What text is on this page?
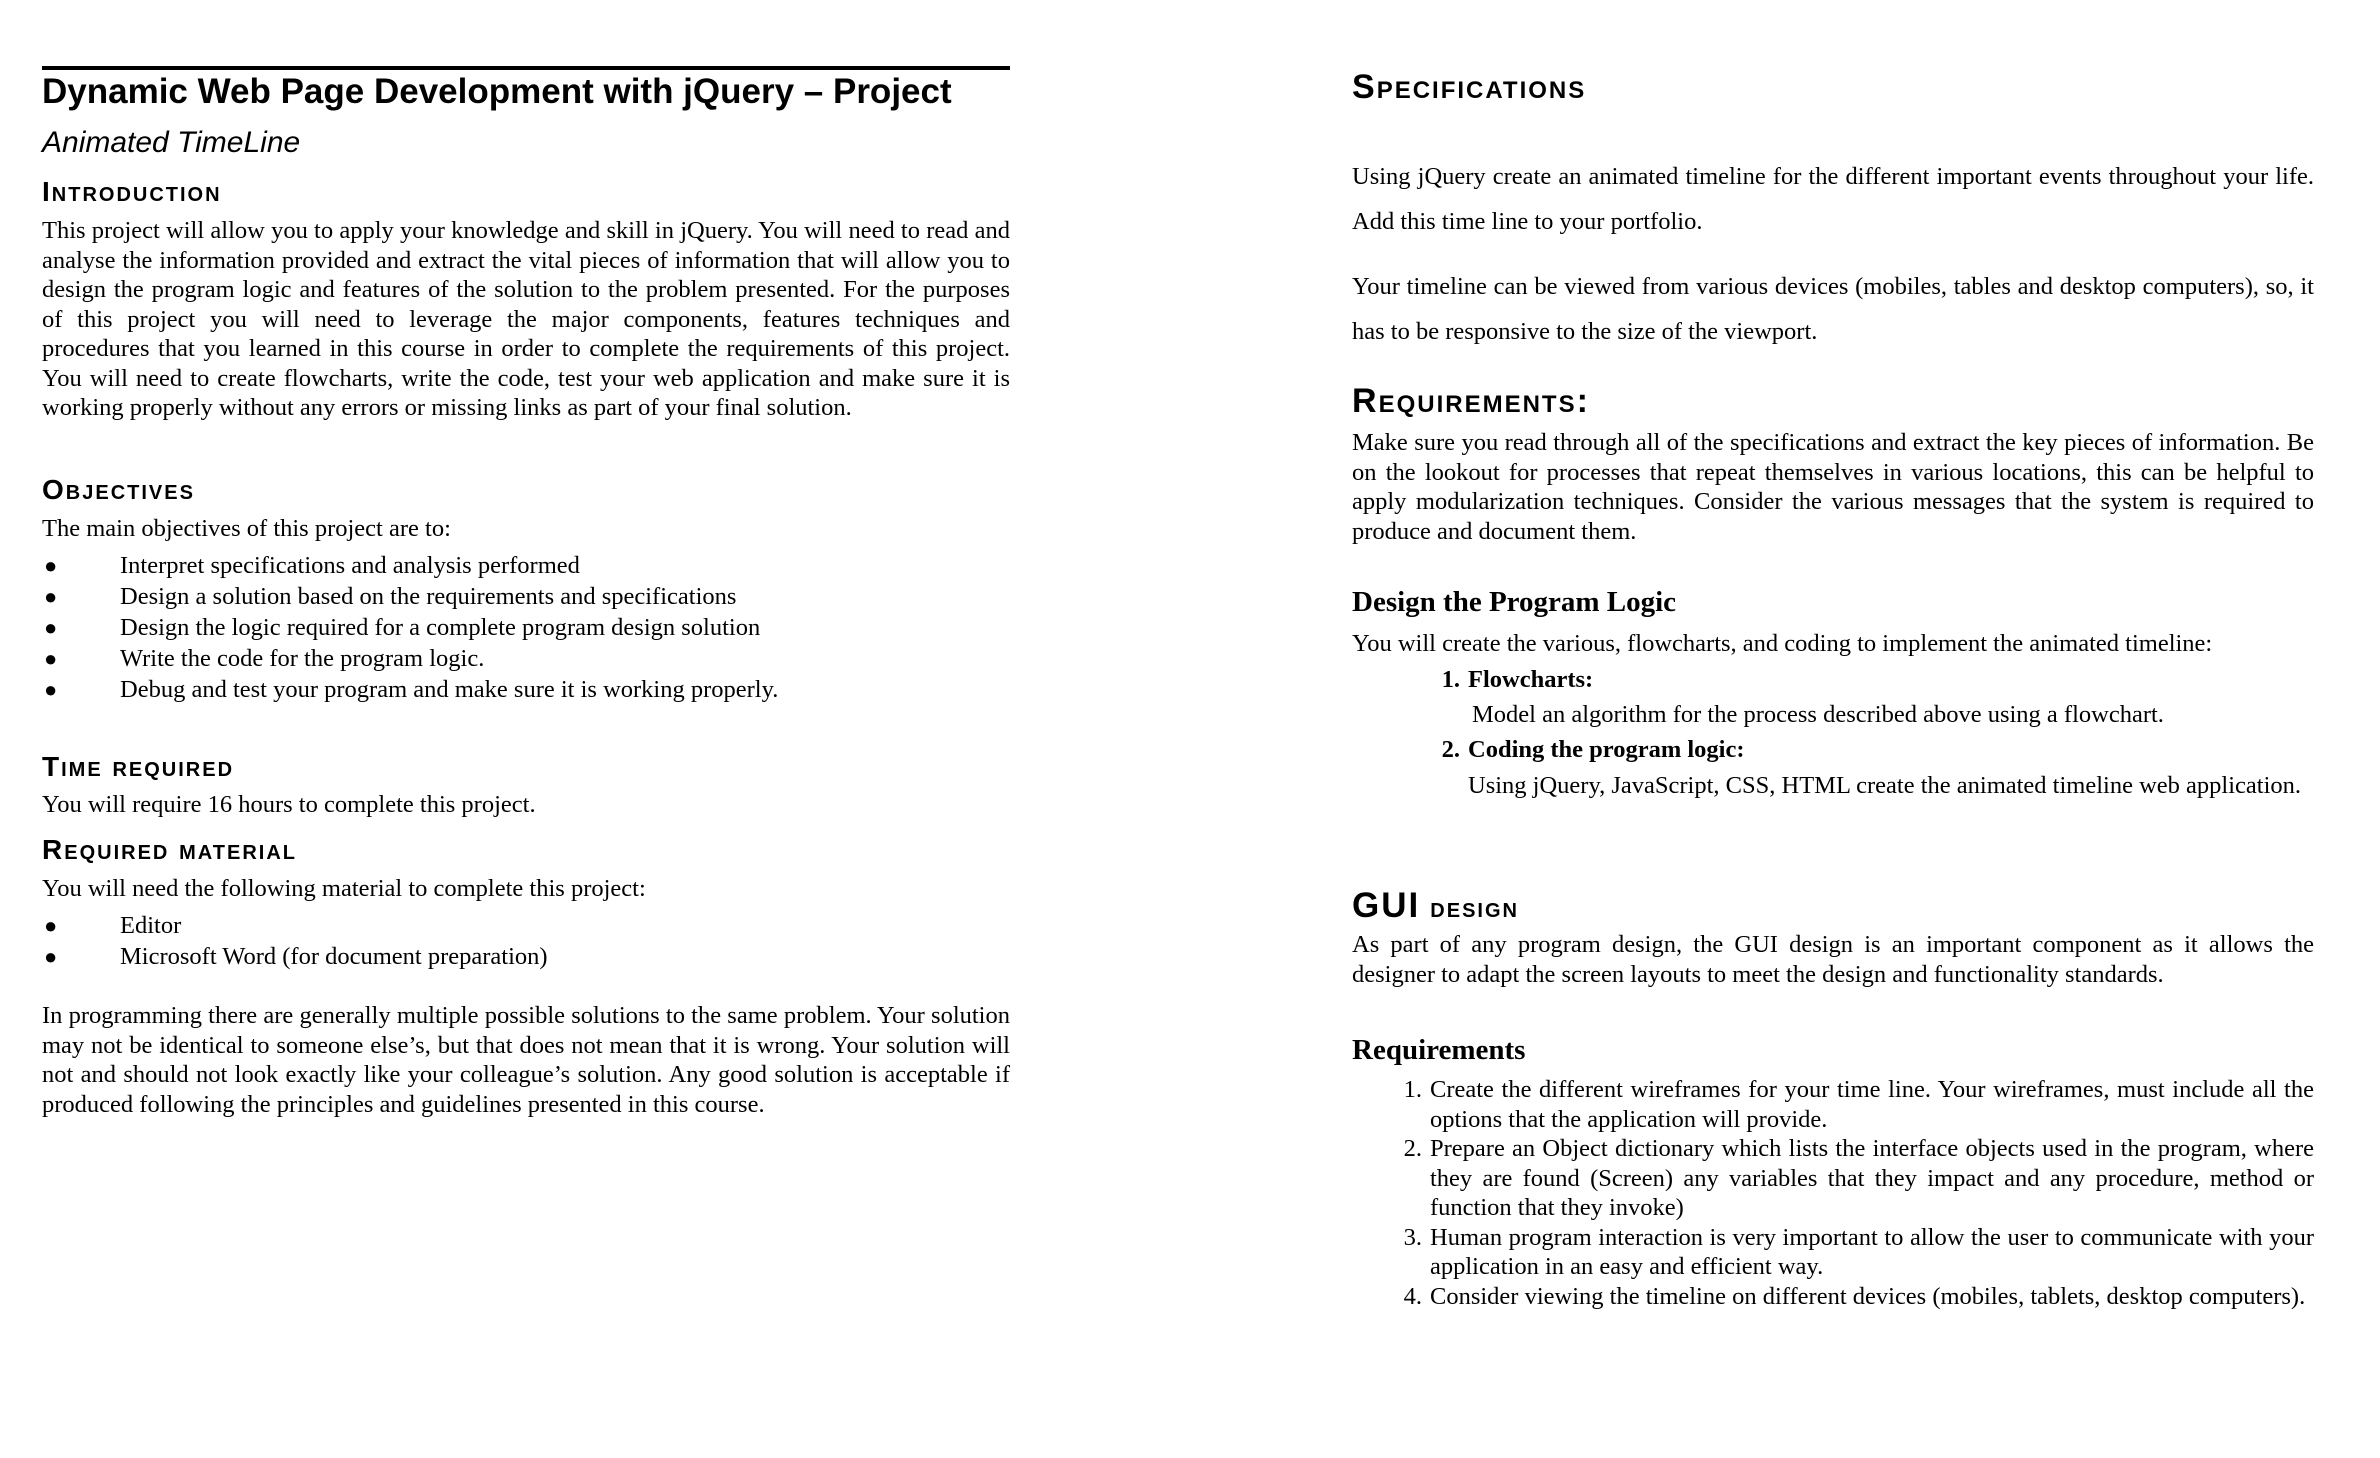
Dynamic Web Page Development with jQuery – Project
Animated TimeLine
Introduction

This project will allow you to apply your knowledge and skill in jQuery. You will need to read and analyse the information provided and extract the vital pieces of information that will allow you to design the program logic and features of the solution to the problem presented. For the purposes of this project you will need to leverage the major components, features techniques and procedures that you learned in this course in order to complete the requirements of this project. You will need to create flowcharts, write the code, test your web application and make sure it is working properly without any errors or missing links as part of your final solution.

Objectives

The main objectives of this project are to:

●	Interpret specifications and analysis performed
●	Design a solution based on the requirements and specifications
●	Design the logic required for a complete program design solution
●	Write the code for the program logic.
●	Debug and test your program and make sure it is working properly.
Time required

You will require 16 hours to complete this project.

Required material

You will need the following material to complete this project:

●	Editor
●	Microsoft Word (for document preparation)

In programming there are generally multiple possible solutions to the same problem. Your solution may not be identical to someone else’s, but that does not mean that it is wrong. Your solution will not and should not look exactly like your colleague’s solution. Any good solution is acceptable if produced following the principles and guidelines presented in this course.

Specifications

Using jQuery create an animated timeline for the different important events throughout your life. Add this time line to your portfolio.

Your timeline can be viewed from various devices (mobiles, tables and desktop computers), so, it has to be responsive to the size of the viewport.

Requirements:

Make sure you read through all of the specifications and extract the key pieces of information. Be on the lookout for processes that repeat themselves in various locations, this can be helpful to apply modularization techniques. Consider the various messages that the system is required to produce and document them.

Design the Program Logic

You will create the various, flowcharts, and coding to implement the animated timeline:

1. Flowcharts:
Model an algorithm for the process described above using a flowchart.
2. Coding the program logic:
Using jQuery, JavaScript, CSS, HTML create the animated timeline web application.
GUI design

As part of any program design, the GUI design is an important component as it allows the designer to adapt the screen layouts to meet the design and functionality standards.

Requirements
1. Create the different wireframes for your time line. Your wireframes, must include all the options that the application will provide.
2. Prepare an Object dictionary which lists the interface objects used in the program, where they are found (Screen) any variables that they impact and any procedure, method or function that they invoke)
3. Human program interaction is very important to allow the user to communicate with your application in an easy and efficient way.
4. Consider viewing the timeline on different devices (mobiles, tablets, desktop computers).
